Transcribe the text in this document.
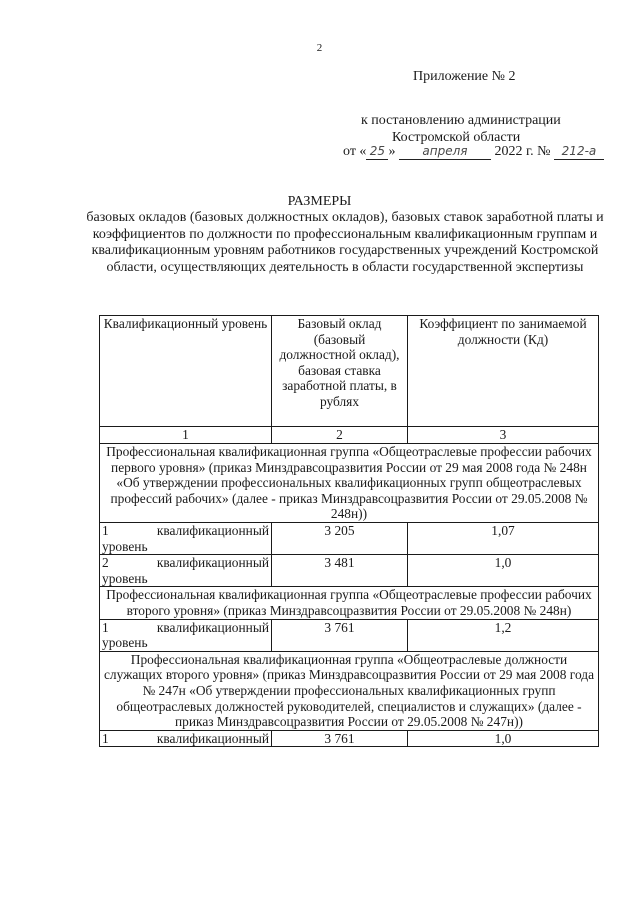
2
Приложение № 2
к постановлению администрации
Костромской области
от « 25 » апреля 2022 г. № 212-а
РАЗМЕРЫ
базовых окладов (базовых должностных окладов), базовых ставок заработной платы и коэффициентов по должности по профессиональным квалификационным группам и квалификационным уровням работников государственных учреждений Костромской области, осуществляющих деятельность в области государственной экспертизы
Квалификационный уровень	Базовый оклад (базовый должностной оклад), базовая ставка заработной платы, в рублях	Коэффициент по занимаемой должности (Кд)
1	2	3
Профессиональная квалификационная группа «Общеотраслевые профессии рабочих первого уровня» (приказ Минздравсоцразвития России от 29 мая 2008 года № 248н «Об утверждении профессиональных квалификационных групп общеотраслевых профессий рабочих» (далее - приказ Минздравсоцразвития России от 29.05.2008 № 248н))		

1 квалификационный
уровень	3 205	1,07

2 квалификационный
уровень	3 481	1,0
Профессиональная квалификационная группа «Общеотраслевые профессии рабочих второго уровня» (приказ Минздравсоцразвития России от 29.05.2008 № 248н)		

1 квалификационный
уровень	3 761	1,2
Профессиональная квалификационная группа «Общеотраслевые должности служащих второго уровня» (приказ Минздравсоцразвития России от 29 мая 2008 года № 247н «Об утверждении профессиональных квалификационных групп общеотраслевых должностей руководителей, специалистов и служащих» (далее - приказ Минздравсоцразвития России от 29.05.2008 № 247н))		

1 квалификационный	3 761	1,0
